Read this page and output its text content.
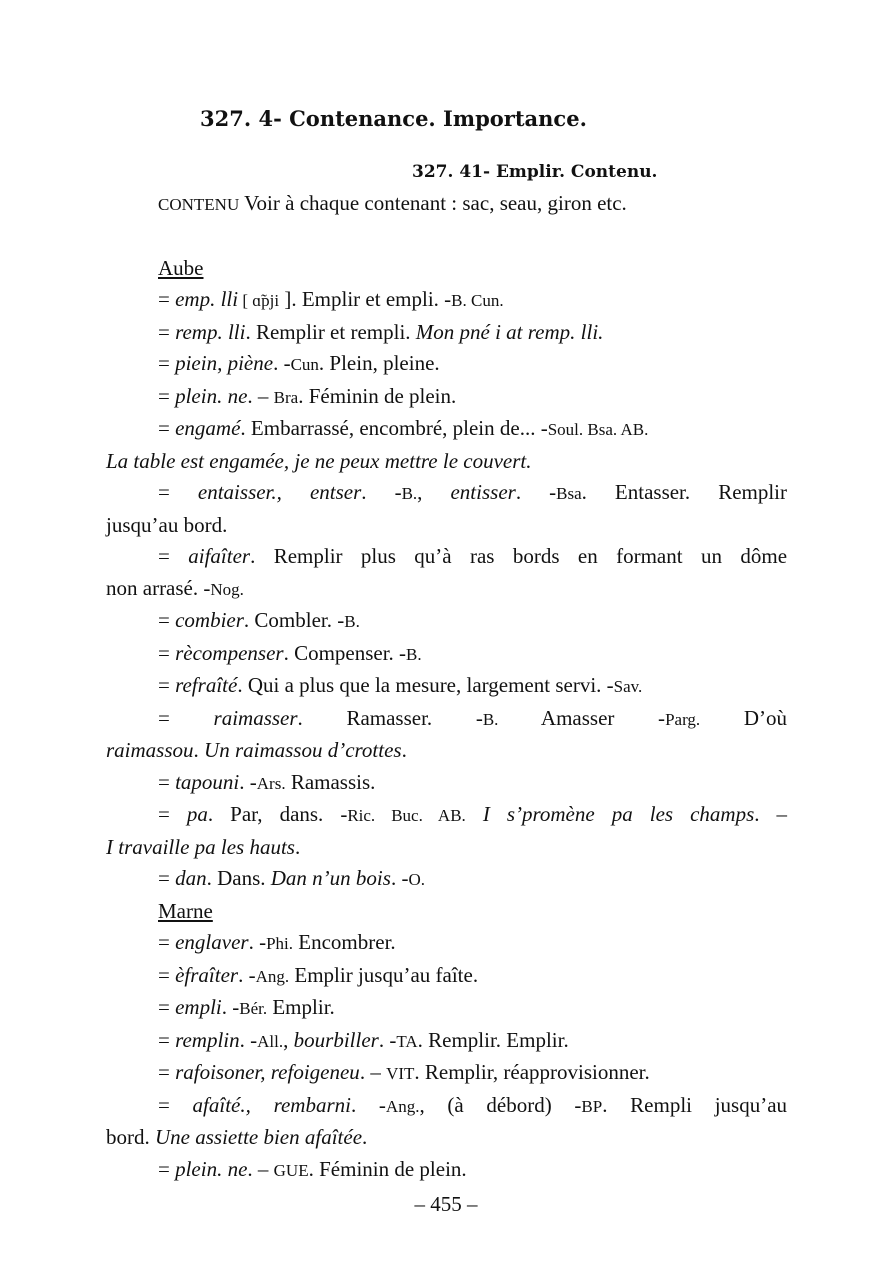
327. 4- Contenance. Importance.
327. 41- Emplir. Contenu.
CONTENU Voir à chaque contenant : sac, seau, giron etc.
Aube
= emp. lli [ ɑ̃pji ]. Emplir et empli. -B. Cun.
= remp. lli. Remplir et rempli. Mon pné i at remp. lli.
= piein, piène. -Cun. Plein, pleine.
= plein. ne. – Bra. Féminin de plein.
= engamé. Embarrassé, encombré, plein de... -Soul. Bsa. AB.
La table est engamée, je ne peux mettre le couvert.
= entaisser., entser. -B., entisser. -Bsa. Entasser. Remplir
jusqu’au bord.
= aifaîter. Remplir plus qu’à ras bords en formant un dôme
non arrasé. -Nog.
= combier. Combler. -B.
= rècompenser. Compenser. -B.
= refraîté. Qui a plus que la mesure, largement servi. -Sav.
= raimasser. Ramasser. -B. Amasser -Parg. D’où
raimassou. Un raimassou d’crottes.
= tapouni. -Ars. Ramassis.
= pa. Par, dans. -Ric. Buc. AB. I s’promène pa les champs. –
I travaille pa les hauts.
= dan. Dans. Dan n’un bois. -O.
Marne
= englaver. -Phi. Encombrer.
= èfraîter. -Ang. Emplir jusqu’au faîte.
= empli. -Bér. Emplir.
= remplin. -All., bourbiller. -TA. Remplir. Emplir.
= rafoisoner, refoigeneu. – VIT. Remplir, réapprovisionner.
= afaîté., rembarni. -Ang., (à débord) -BP. Rempli jusqu’au
bord. Une assiette bien afaîtée.
= plein. ne. – GUE. Féminin de plein.
– 455 –
